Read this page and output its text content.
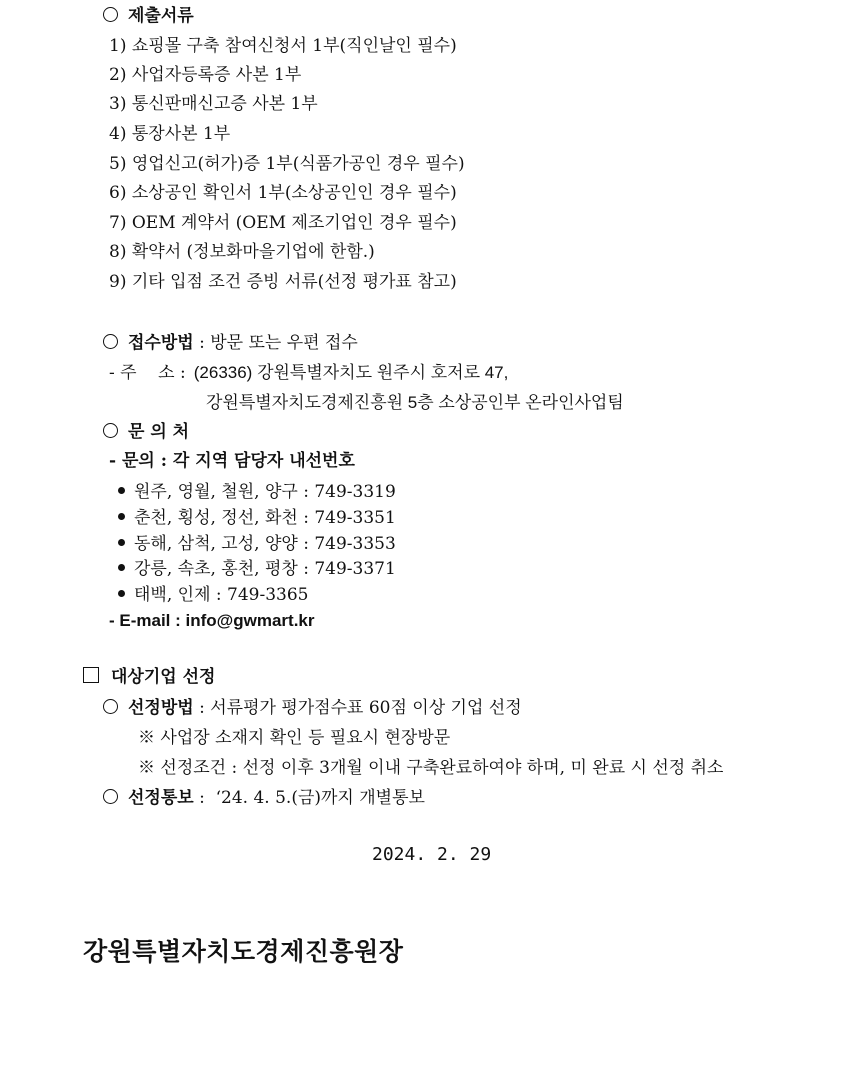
제출서류
1) 쇼핑몰 구축 참여신청서 1부(직인날인 필수)
2) 사업자등록증 사본 1부
3) 통신판매신고증 사본 1부
4) 통장사본 1부
5) 영업신고(허가)증 1부(식품가공인 경우 필수)
6) 소상공인 확인서 1부(소상공인인 경우 필수)
7) OEM 계약서 (OEM 제조기업인 경우 필수)
8) 확약서 (정보화마을기업에 한함.)
9) 기타 입점 조건 증빙 서류(선정 평가표 참고)
접수방법 : 방문 또는 우편 접수
- 주    소 : (26336) 강원특별자치도 원주시 호저로 47,
강원특별자치도경제진흥원 5층 소상공인부 온라인사업팀
문 의 처
- 문의 : 각 지역 담당자 내선번호
원주, 영월, 철원, 양구 : 749-3319
춘천, 횡성, 정선, 화천 : 749-3351
동해, 삼척, 고성, 양양 : 749-3353
강릉, 속초, 홍천, 평창 : 749-3371
태백, 인제 : 749-3365
- E-mail : info@gwmart.kr
대상기업 선정
선정방법 : 서류평가 평가점수표 60점 이상 기업 선정
※ 사업장 소재지 확인 등 필요시 현장방문
※ 선정조건 : 선정 이후 3개월 이내 구축완료하여야 하며, 미 완료 시 선정 취소
선정통보 :  ‘24. 4. 5.(금)까지 개별통보
2024. 2. 29
강원특별자치도경제진흥원장
